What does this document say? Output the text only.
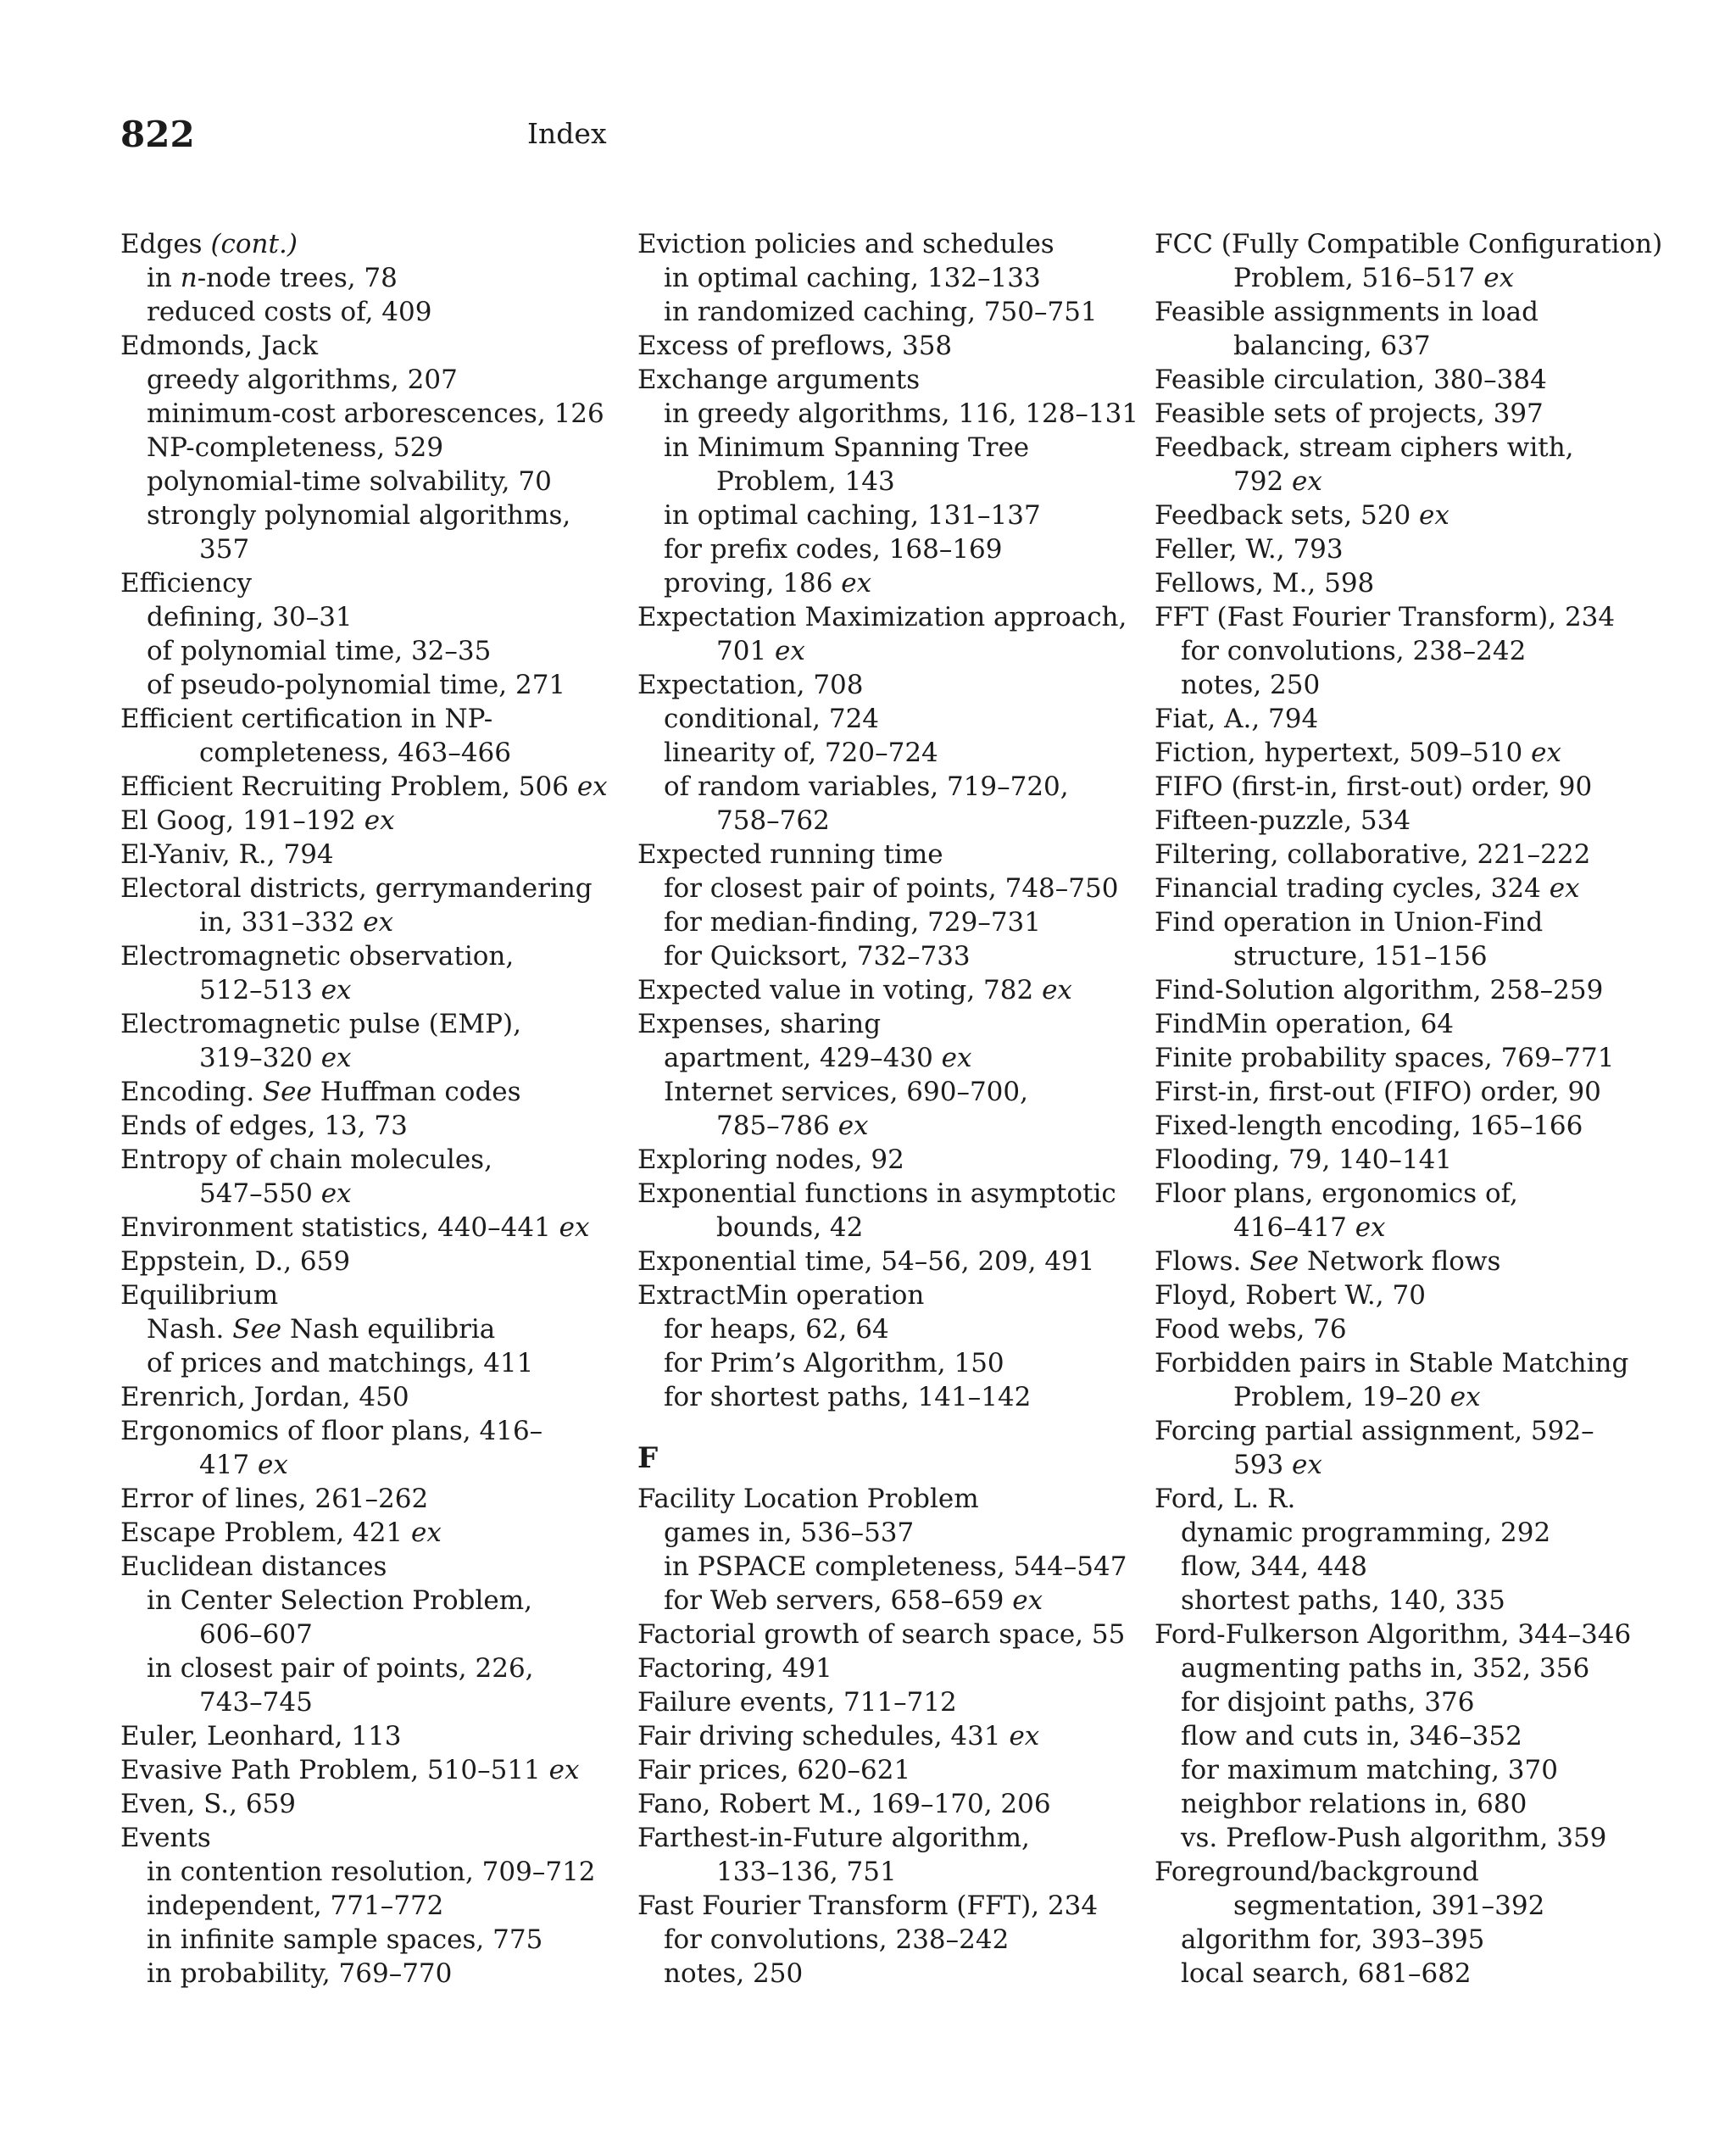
822	Index
Edges (cont.)
in n-node trees, 78
reduced costs of, 409
Edmonds, Jack
greedy algorithms, 207
minimum-cost arborescences, 126
NP-completeness, 529
polynomial-time solvability, 70
strongly polynomial algorithms,
357
Efficiency
defining, 30–31
of polynomial time, 32–35
of pseudo-polynomial time, 271
Efficient certification in NP-
completeness, 463–466
Efficient Recruiting Problem, 506 ex
El Goog, 191–192 ex
El-Yaniv, R., 794
Electoral districts, gerrymandering
in, 331–332 ex
Electromagnetic observation,
512–513 ex
Electromagnetic pulse (EMP),
319–320 ex
Encoding. See Huffman codes
Ends of edges, 13, 73
Entropy of chain molecules,
547–550 ex
Environment statistics, 440–441 ex
Eppstein, D., 659
Equilibrium
Nash. See Nash equilibria
of prices and matchings, 411
Erenrich, Jordan, 450
Ergonomics of floor plans, 416–
417 ex
Error of lines, 261–262
Escape Problem, 421 ex
Euclidean distances
in Center Selection Problem,
606–607
in closest pair of points, 226,
743–745
Euler, Leonhard, 113
Evasive Path Problem, 510–511 ex
Even, S., 659
Events
in contention resolution, 709–712
independent, 771–772
in infinite sample spaces, 775
in probability, 769–770
Eviction policies and schedules
in optimal caching, 132–133
in randomized caching, 750–751
Excess of preflows, 358
Exchange arguments
in greedy algorithms, 116, 128–131
in Minimum Spanning Tree
Problem, 143
in optimal caching, 131–137
for prefix codes, 168–169
proving, 186 ex
Expectation Maximization approach,
701 ex
Expectation, 708
conditional, 724
linearity of, 720–724
of random variables, 719–720,
758–762
Expected running time
for closest pair of points, 748–750
for median-finding, 729–731
for Quicksort, 732–733
Expected value in voting, 782 ex
Expenses, sharing
apartment, 429–430 ex
Internet services, 690–700,
785–786 ex
Exploring nodes, 92
Exponential functions in asymptotic
bounds, 42
Exponential time, 54–56, 209, 491
ExtractMin operation
for heaps, 62, 64
for Prim’s Algorithm, 150
for shortest paths, 141–142
F
Facility Location Problem
games in, 536–537
in PSPACE completeness, 544–547
for Web servers, 658–659 ex
Factorial growth of search space, 55
Factoring, 491
Failure events, 711–712
Fair driving schedules, 431 ex
Fair prices, 620–621
Fano, Robert M., 169–170, 206
Farthest-in-Future algorithm,
133–136, 751
Fast Fourier Transform (FFT), 234
for convolutions, 238–242
notes, 250
FCC (Fully Compatible Configuration)
Problem, 516–517 ex
Feasible assignments in load
balancing, 637
Feasible circulation, 380–384
Feasible sets of projects, 397
Feedback, stream ciphers with,
792 ex
Feedback sets, 520 ex
Feller, W., 793
Fellows, M., 598
FFT (Fast Fourier Transform), 234
for convolutions, 238–242
notes, 250
Fiat, A., 794
Fiction, hypertext, 509–510 ex
FIFO (first-in, first-out) order, 90
Fifteen-puzzle, 534
Filtering, collaborative, 221–222
Financial trading cycles, 324 ex
Find operation in Union-Find
structure, 151–156
Find-Solution algorithm, 258–259
FindMin operation, 64
Finite probability spaces, 769–771
First-in, first-out (FIFO) order, 90
Fixed-length encoding, 165–166
Flooding, 79, 140–141
Floor plans, ergonomics of,
416–417 ex
Flows. See Network flows
Floyd, Robert W., 70
Food webs, 76
Forbidden pairs in Stable Matching
Problem, 19–20 ex
Forcing partial assignment, 592–
593 ex
Ford, L. R.
dynamic programming, 292
flow, 344, 448
shortest paths, 140, 335
Ford-Fulkerson Algorithm, 344–346
augmenting paths in, 352, 356
for disjoint paths, 376
flow and cuts in, 346–352
for maximum matching, 370
neighbor relations in, 680
vs. Preflow-Push algorithm, 359
Foreground/background
segmentation, 391–392
algorithm for, 393–395
local search, 681–682
